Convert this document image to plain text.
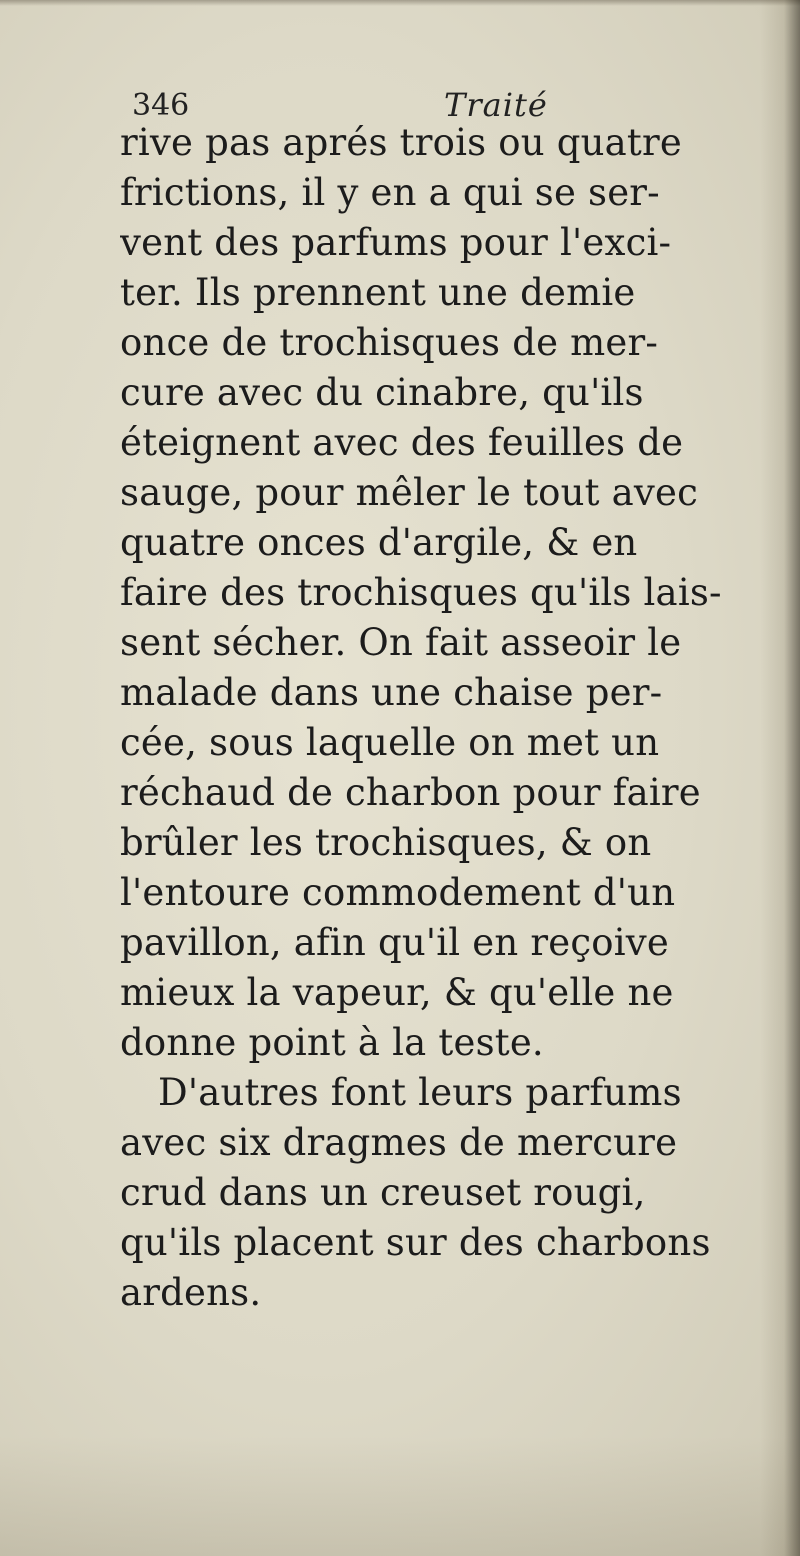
346	Traité
rive pas aprés trois ou quatre
frictions, il y en a qui se ser-
vent des parfums pour l'exci-
ter. Ils prennent une demie
once de trochisques de mer-
cure avec du cinabre, qu'ils
éteignent avec des feuilles de
sauge, pour mêler le tout avec
quatre onces d'argile, & en
faire des trochisques qu'ils lais-
sent sécher. On fait asseoir le
malade dans une chaise per-
cée, sous laquelle on met un
réchaud de charbon pour faire
brûler les trochisques, & on
l'entoure commodement d'un
pavillon, afin qu'il en reçoive
mieux la vapeur, & qu'elle ne
donne point à la teste.
D'autres font leurs parfums
avec six dragmes de mercure
crud dans un creuset rougi,
qu'ils placent sur des charbons
ardens.
